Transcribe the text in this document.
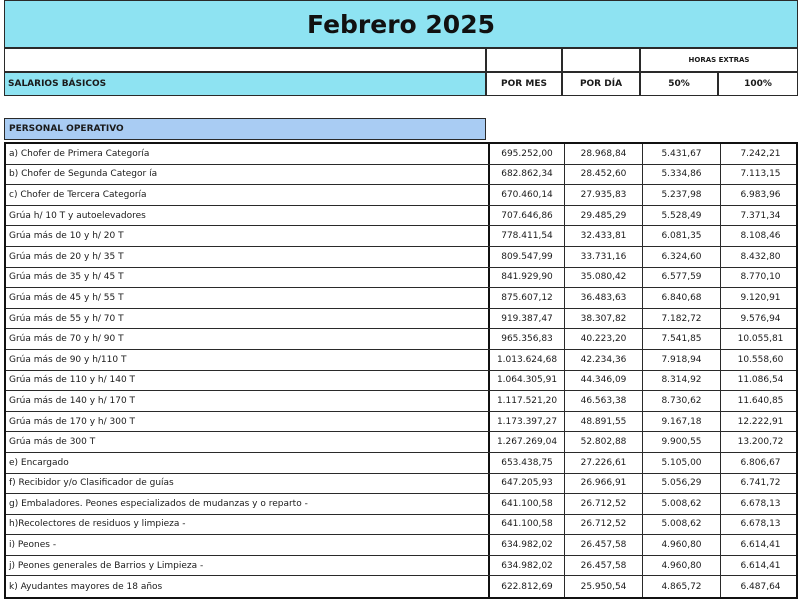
Febrero 2025
HORAS EXTRAS
SALARIOS BÁSICOS	POR MES	POR DÍA	50%	100%
PERSONAL OPERATIVO
a) Chofer de Primera Categoría	695.252,00	28.968,84	5.431,67	7.242,21
b) Chofer de Segunda Categor ía	682.862,34	28.452,60	5.334,86	7.113,15
c) Chofer de Tercera Categoría	670.460,14	27.935,83	5.237,98	6.983,96
Grúa h/ 10 T y autoelevadores	707.646,86	29.485,29	5.528,49	7.371,34
Grúa más de 10 y h/ 20 T	778.411,54	32.433,81	6.081,35	8.108,46
Grúa más de 20 y h/ 35 T	809.547,99	33.731,16	6.324,60	8.432,80
Grúa más de 35 y h/ 45 T	841.929,90	35.080,42	6.577,59	8.770,10
Grúa más de 45 y h/ 55 T	875.607,12	36.483,63	6.840,68	9.120,91
Grúa más de 55 y h/ 70 T	919.387,47	38.307,82	7.182,72	9.576,94
Grúa más de 70 y h/ 90 T	965.356,83	40.223,20	7.541,85	10.055,81
Grúa más de 90 y h/110 T	1.013.624,68	42.234,36	7.918,94	10.558,60
Grúa más de 110 y h/ 140 T	1.064.305,91	44.346,09	8.314,92	11.086,54
Grúa más de 140 y h/ 170 T	1.117.521,20	46.563,38	8.730,62	11.640,85
Grúa más de 170 y h/ 300 T	1.173.397,27	48.891,55	9.167,18	12.222,91
Grúa más de 300 T	1.267.269,04	52.802,88	9.900,55	13.200,72
e) Encargado	653.438,75	27.226,61	5.105,00	6.806,67
f) Recibidor y/o Clasificador de guías	647.205,93	26.966,91	5.056,29	6.741,72
g) Embaladores. Peones especializados de mudanzas y o reparto -	641.100,58	26.712,52	5.008,62	6.678,13
h)Recolectores de residuos y limpieza -	641.100,58	26.712,52	5.008,62	6.678,13
i) Peones -	634.982,02	26.457,58	4.960,80	6.614,41
j) Peones generales de Barrios y Limpieza -	634.982,02	26.457,58	4.960,80	6.614,41
k) Ayudantes mayores de 18 años	622.812,69	25.950,54	4.865,72	6.487,64
